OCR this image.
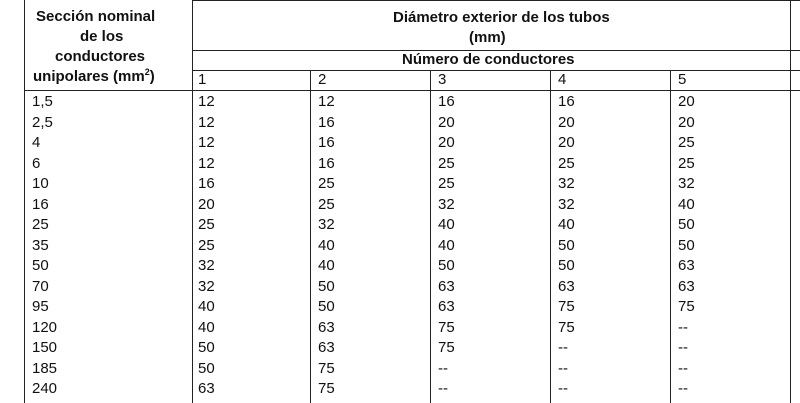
Sección nominal
de los
conductores
unipolares $(mm^2)$
Diámetro exterior de los tubos
(mm)
Número de conductores
1	2	3	4	5
1,5	12	12	16	16	20
2,5	12	16	20	20	20
4	12	16	20	20	25
6	12	16	25	25	25
10	16	25	25	32	32
16	20	25	32	32	40
25	25	32	40	40	50
35	25	40	40	50	50
50	32	40	50	50	63
70	32	50	63	63	63
95	40	50	63	75	75
120	40	63	75	75	--
150	50	63	75	--	--
185	50	75	--	--	--
240	63	75	--	--	--
